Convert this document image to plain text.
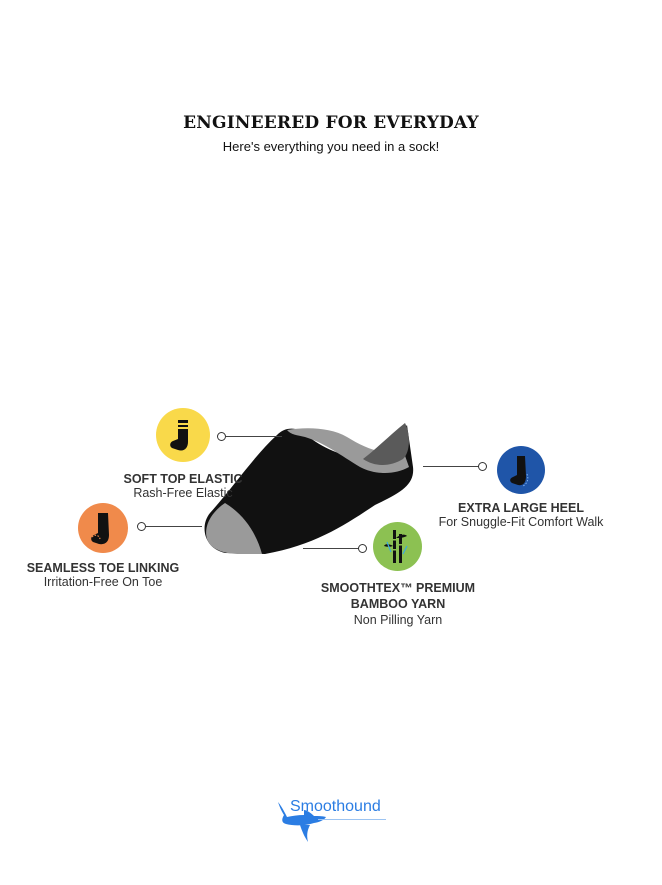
ENGINEERED FOR EVERYDAY
Here's everything you need in a sock!
SOFT TOP ELASTIC
Rash-Free Elastic
SEAMLESS TOE LINKING
Irritation-Free On Toe
EXTRA LARGE HEEL
For Snuggle-Fit Comfort Walk
SMOOTHTEX™ PREMIUM
BAMBOO YARN
Non Pilling Yarn
Smoothound
